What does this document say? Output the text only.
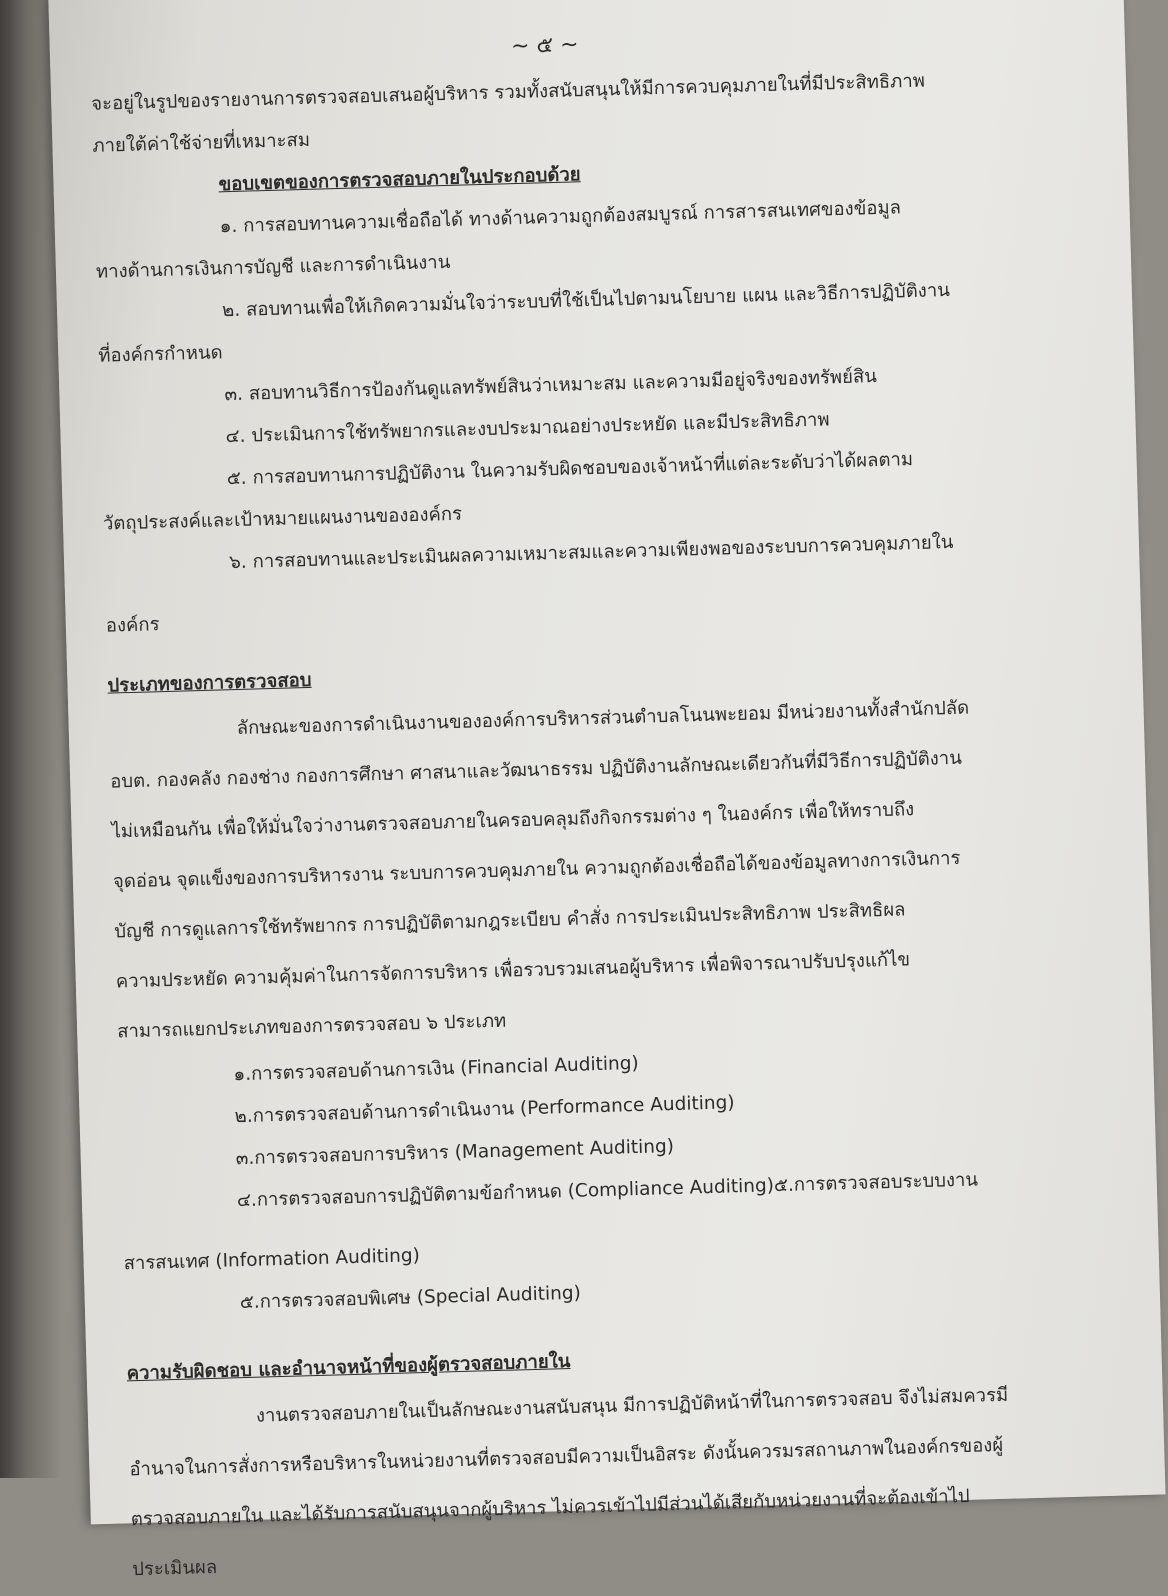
~ ๕ ~
จะอยู่ในรูปของรายงานการตรวจสอบเสนอผู้บริหาร รวมทั้งสนับสนุนให้มีการควบคุมภายในที่มีประสิทธิภาพ
ภายใต้ค่าใช้จ่ายที่เหมาะสม
ขอบเขตของการตรวจสอบภายในประกอบด้วย
๑. การสอบทานความเชื่อถือได้ ทางด้านความถูกต้องสมบูรณ์ การสารสนเทศของข้อมูล
ทางด้านการเงินการบัญชี และการดำเนินงาน
๒. สอบทานเพื่อให้เกิดความมั่นใจว่าระบบที่ใช้เป็นไปตามนโยบาย แผน และวิธีการปฏิบัติงาน
ที่องค์กรกำหนด
๓. สอบทานวิธีการป้องกันดูแลทรัพย์สินว่าเหมาะสม และความมีอยู่จริงของทรัพย์สิน
๔. ประเมินการใช้ทรัพยากรและงบประมาณอย่างประหยัด และมีประสิทธิภาพ
๕. การสอบทานการปฏิบัติงาน ในความรับผิดชอบของเจ้าหน้าที่แต่ละระดับว่าได้ผลตาม
วัตถุประสงค์และเป้าหมายแผนงานขององค์กร
๖. การสอบทานและประเมินผลความเหมาะสมและความเพียงพอของระบบการควบคุมภายใน
องค์กร
ประเภทของการตรวจสอบ
ลักษณะของการดำเนินงานขององค์การบริหารส่วนตำบลโนนพะยอม มีหน่วยงานทั้งสำนักปลัด
อบต. กองคลัง กองช่าง กองการศึกษา ศาสนาและวัฒนาธรรม ปฏิบัติงานลักษณะเดียวกันที่มีวิธีการปฏิบัติงาน
ไม่เหมือนกัน เพื่อให้มั่นใจว่างานตรวจสอบภายในครอบคลุมถึงกิจกรรมต่าง ๆ ในองค์กร เพื่อให้ทราบถึง
จุดอ่อน จุดแข็งของการบริหารงาน ระบบการควบคุมภายใน ความถูกต้องเชื่อถือได้ของข้อมูลทางการเงินการ
บัญชี การดูแลการใช้ทรัพยากร การปฏิบัติตามกฎระเบียบ คำสั่ง การประเมินประสิทธิภาพ ประสิทธิผล
ความประหยัด ความคุ้มค่าในการจัดการบริหาร เพื่อรวบรวมเสนอผู้บริหาร เพื่อพิจารณาปรับปรุงแก้ไข
สามารถแยกประเภทของการตรวจสอบ ๖ ประเภท
๑.การตรวจสอบด้านการเงิน (Financial Auditing)
๒.การตรวจสอบด้านการดำเนินงาน (Performance Auditing)
๓.การตรวจสอบการบริหาร (Management Auditing)
๔.การตรวจสอบการปฏิบัติตามข้อกำหนด (Compliance Auditing)๕.การตรวจสอบระบบงาน
สารสนเทศ (Information Auditing)
๕.การตรวจสอบพิเศษ (Special Auditing)
ความรับผิดชอบ และอำนาจหน้าที่ของผู้ตรวจสอบภายใน
งานตรวจสอบภายในเป็นลักษณะงานสนับสนุน มีการปฏิบัติหน้าที่ในการตรวจสอบ จึงไม่สมควรมี
อำนาจในการสั่งการหรือบริหารในหน่วยงานที่ตรวจสอบมีความเป็นอิสระ ดังนั้นควรมรสถานภาพในองค์กรของผู้
ตรวจสอบภายใน และได้รับการสนับสนุนจากผู้บริหาร ไม่ควรเข้าไปมีส่วนได้เสียกับหน่วยงานที่จะต้องเข้าไป
ประเมินผล
